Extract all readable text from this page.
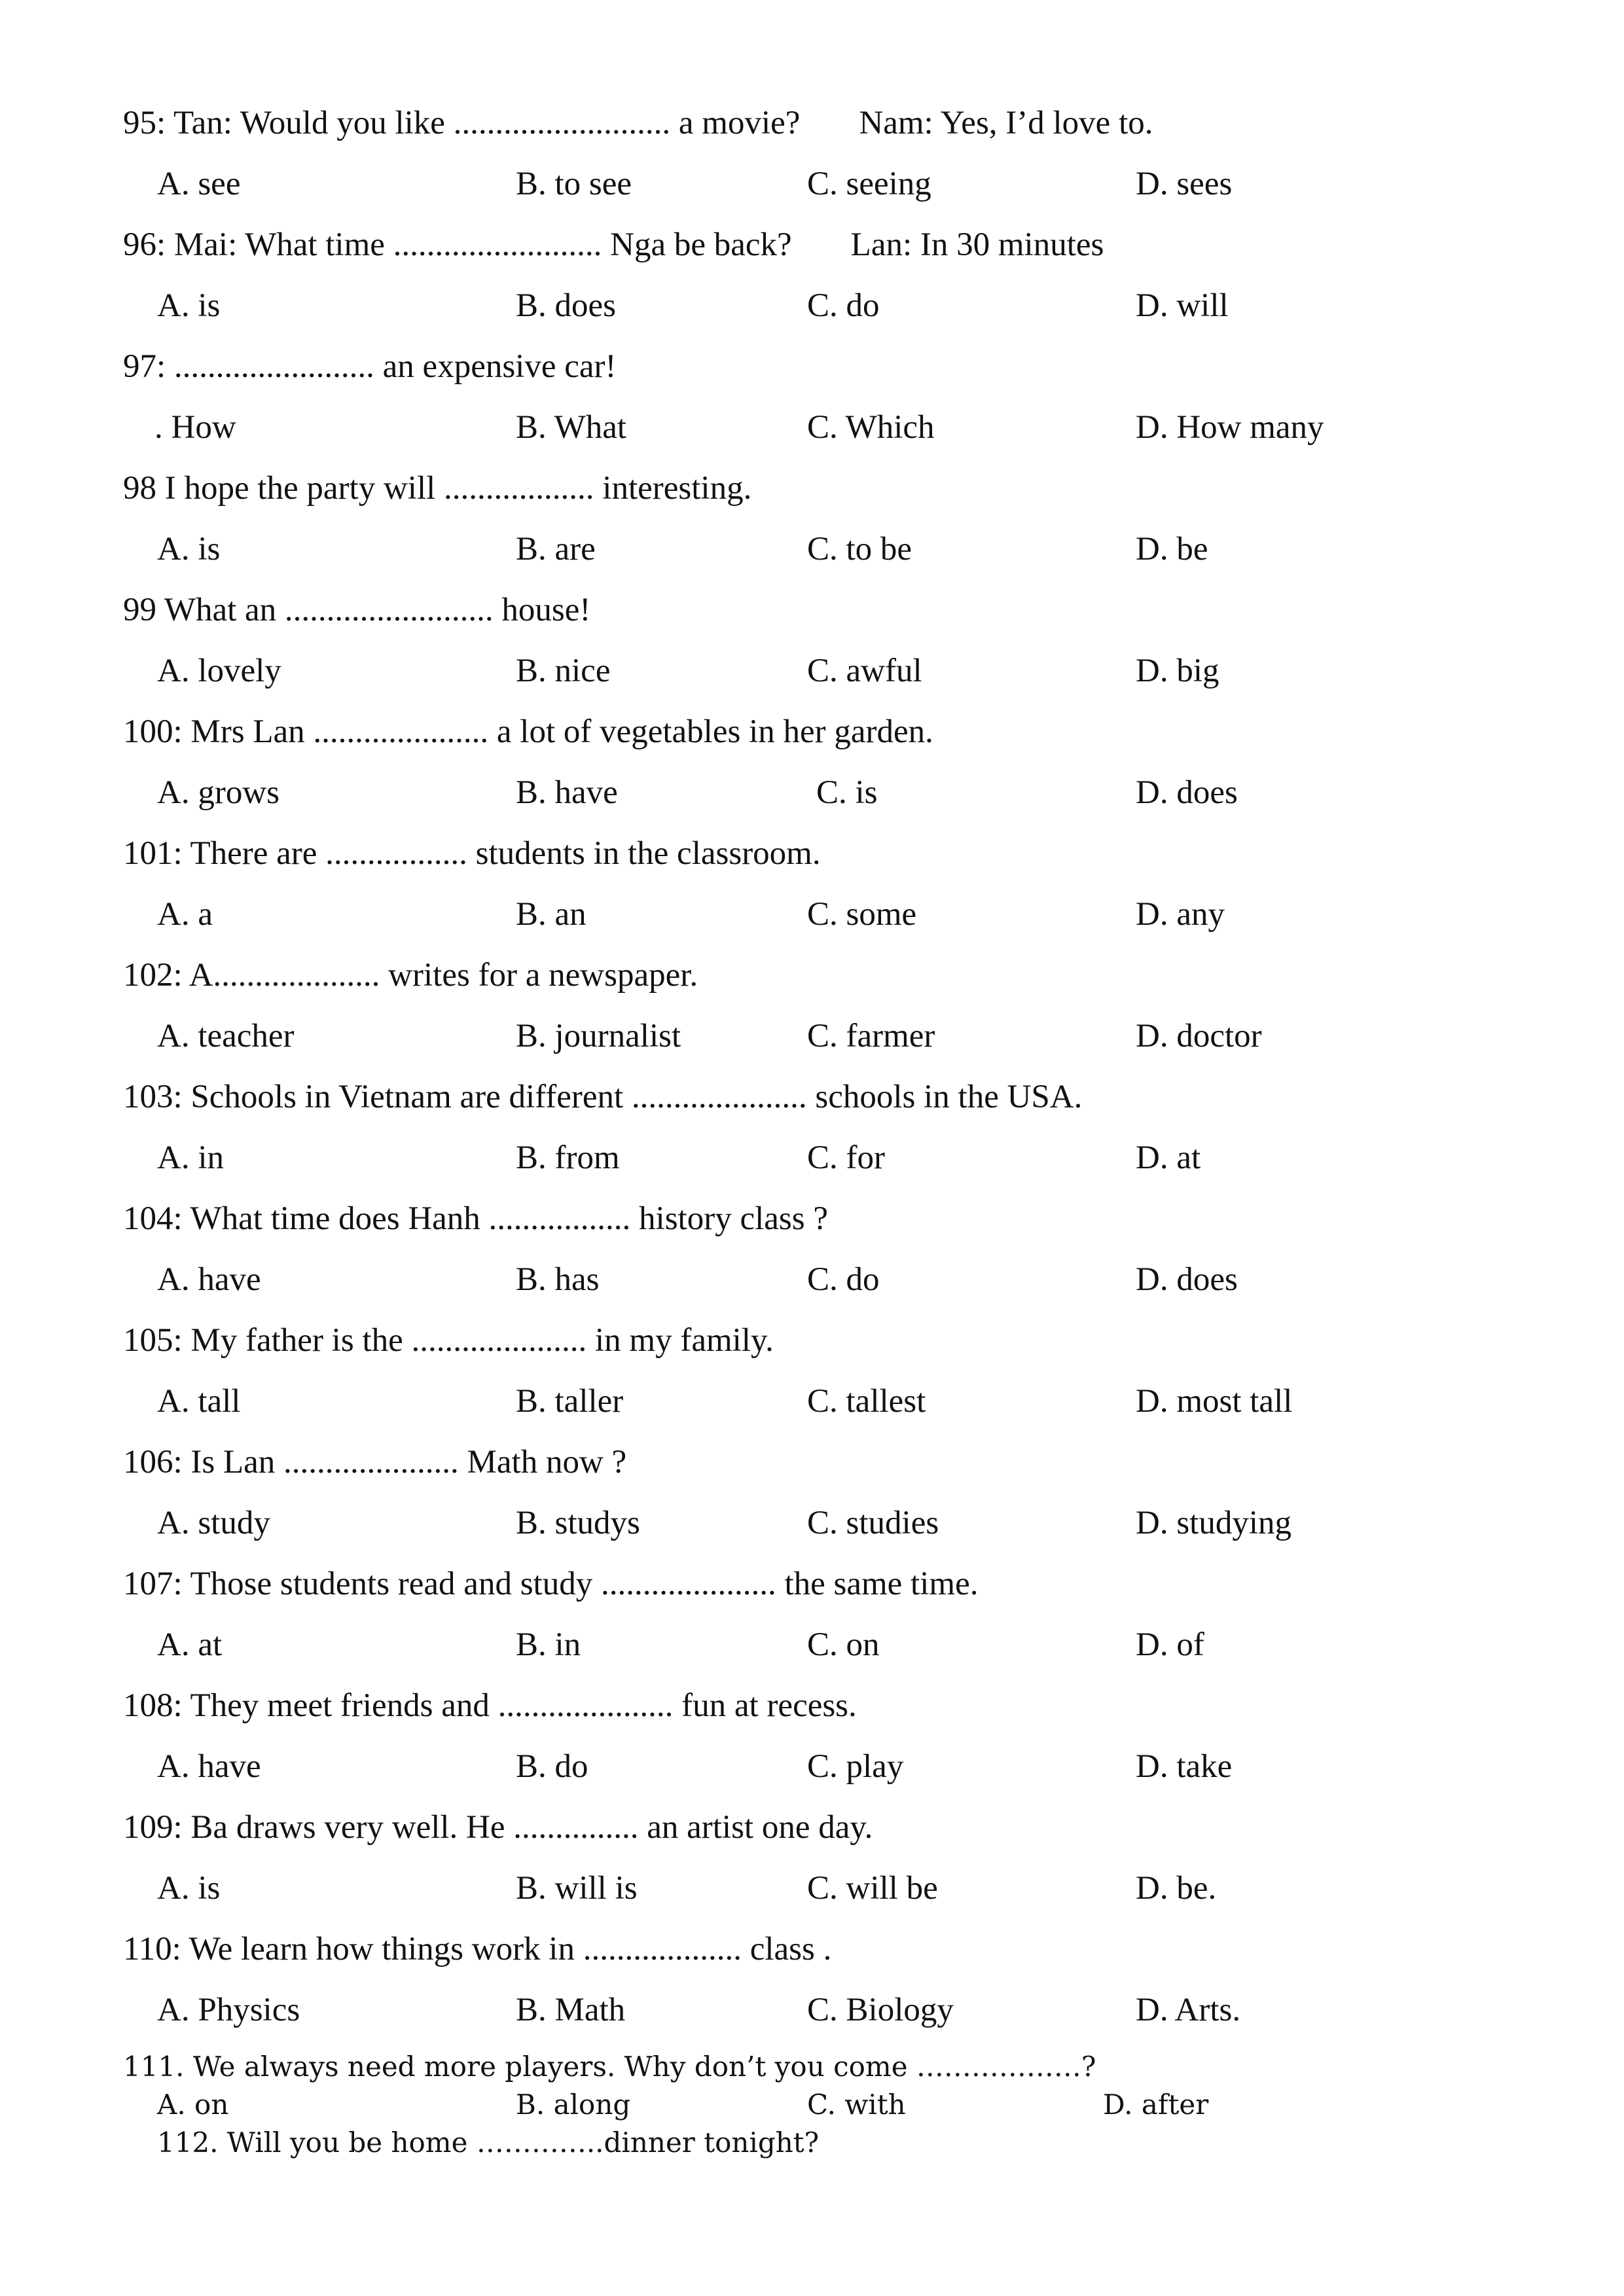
95: Tan: Would you like .......................... a movie? Nam: Yes, I’d love to.
A. see	B. to see	C. seeing	D. sees
96: Mai: What time ......................... Nga be back? Lan: In 30 minutes
A. is	B. does	C. do	D. will
97: ........................ an expensive car!
. How	B. What	C. Which	D. How many
98 I hope the party will .................. interesting.
A. is	B. are	C. to be	D. be
99 What an ......................... house!
A. lovely	B. nice	C. awful	D. big
100: Mrs Lan ..................... a lot of vegetables in her garden.
A. grows	B. have	C. is	D. does
101: There are ................. students in the classroom.
A. a	B. an	C. some	D. any
102: A.................... writes for a newspaper.
A. teacher	B. journalist	C. farmer	D. doctor
103: Schools in Vietnam are different ..................... schools in the USA.
A. in	B. from	C. for	D. at
104: What time does Hanh ................. history class ?
A. have	B. has	C. do	D. does
105: My father is the ..................... in my family.
A. tall	B. taller	C. tallest	D. most tall
106: Is Lan ..................... Math now ?
A. study	B. studys	C. studies	D. studying
107: Those students read and study ..................... the same time.
A. at	B. in	C. on	D. of
108: They meet friends and ..................... fun at recess.
A. have	B. do	C. play	D. take
109: Ba draws very well. He ............... an artist one day.
A. is	B. will is	C. will be	D. be.
110: We learn how things work in ................... class .
A. Physics	B. Math	C. Biology	D. Arts.
111. We always need more players. Why don’t you come ………………?
A. on	B. along	C. with	D. after
112. Will you be home …………..dinner tonight?
